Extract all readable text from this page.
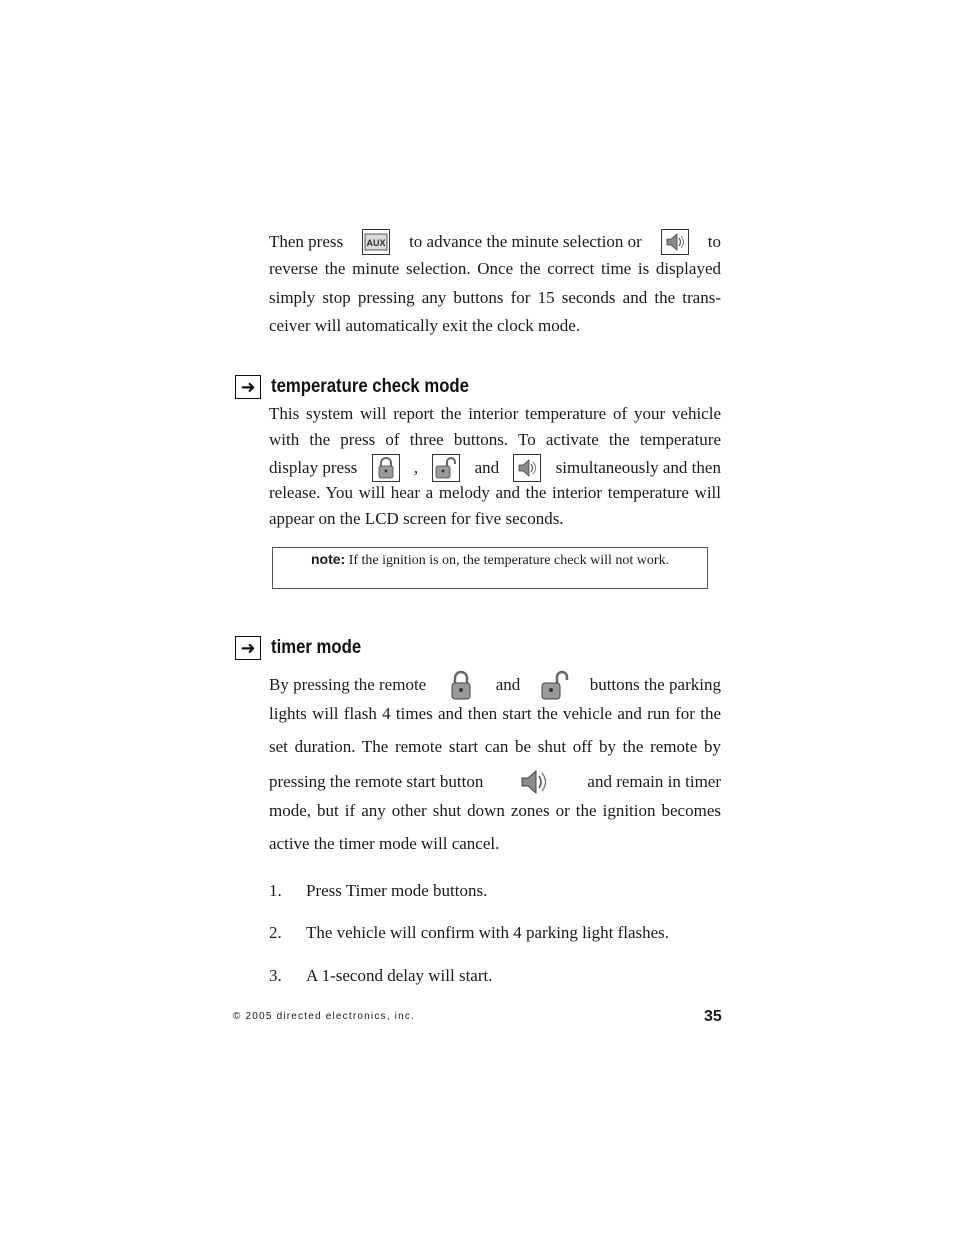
Then press	AUX to advance the minute selection or	to
reverse the minute selection. Once the correct time is displayed
simply stop pressing any buttons for 15 seconds and the trans-
ceiver will automatically exit the clock mode.
➜ temperature check mode
This system will report the interior temperature of your vehicle
with the press of three buttons. To activate the temperature
display press	,	and	simultaneously and then
release. You will hear a melody and the interior temperature will
appear on the LCD screen for five seconds.
note: If the ignition is on, the temperature check will not work.
➜ timer mode
By pressing the remote	and	buttons the parking
lights will flash 4 times and then start the vehicle and run for the
set duration. The remote start can be shut off by the remote by
pressing the remote start button	and remain in timer
mode, but if any other shut down zones or the ignition becomes
active the timer mode will cancel.
1. Press Timer mode buttons.
2. The vehicle will confirm with 4 parking light flashes.
3. A 1-second delay will start.
© 2005 directed electronics, inc.	35
